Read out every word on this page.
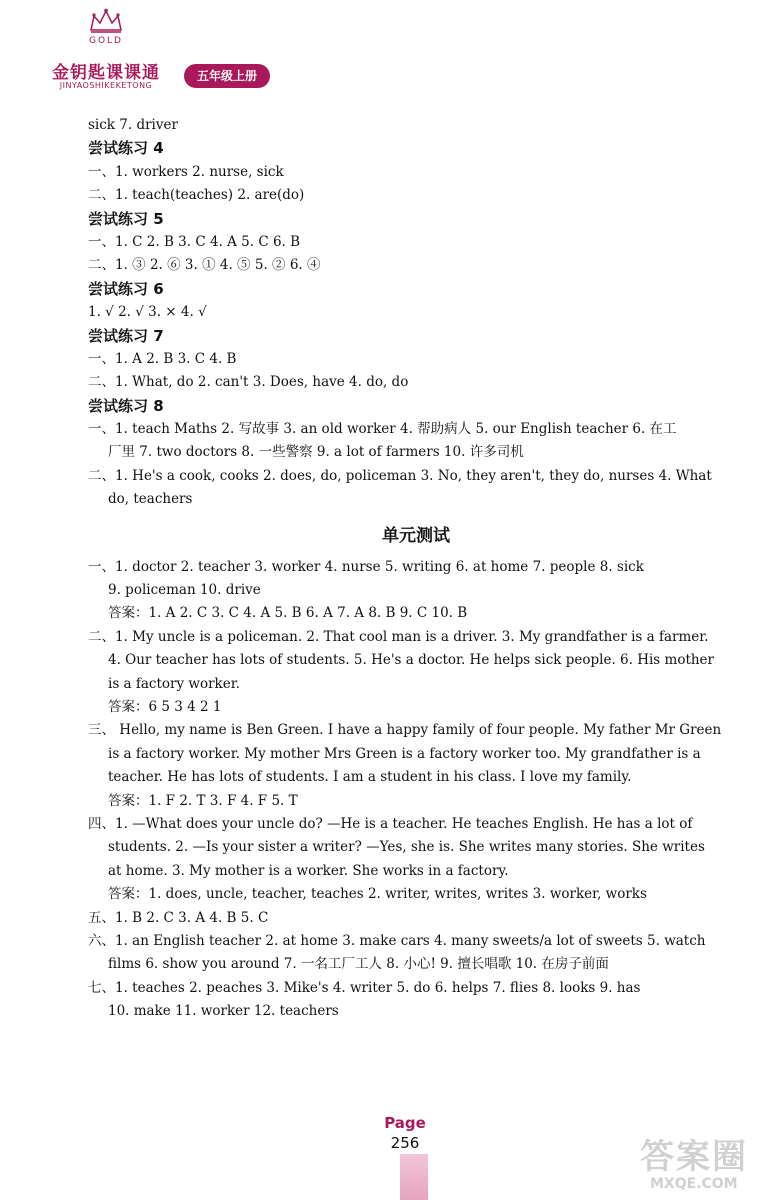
GOLD
金钥匙课课通
JINYAOSHIKEKETONG
五年级上册
sick 7. driver
尝试练习 4
一、1. workers 2. nurse, sick
二、1. teach(teaches) 2. are(do)
尝试练习 5
一、1. C 2. B 3. C 4. A 5. C 6. B
二、1. ③ 2. ⑥ 3. ① 4. ⑤ 5. ② 6. ④
尝试练习 6
1. √ 2. √ 3. × 4. √
尝试练习 7
一、1. A 2. B 3. C 4. B
二、1. What, do 2. can't 3. Does, have 4. do, do
尝试练习 8
一、1. teach Maths 2. 写故事 3. an old worker 4. 帮助病人 5. our English teacher 6. 在工
厂里 7. two doctors 8. 一些警察 9. a lot of farmers 10. 许多司机
二、1. He's a cook, cooks 2. does, do, policeman 3. No, they aren't, they do, nurses 4. What
do, teachers
单元测试
一、1. doctor 2. teacher 3. worker 4. nurse 5. writing 6. at home 7. people 8. sick
9. policeman 10. drive
答案：1. A 2. C 3. C 4. A 5. B 6. A 7. A 8. B 9. C 10. B
二、1. My uncle is a policeman. 2. That cool man is a driver. 3. My grandfather is a farmer.
4. Our teacher has lots of students. 5. He's a doctor. He helps sick people. 6. His mother
is a factory worker.
答案：6 5 3 4 2 1
三、 Hello, my name is Ben Green. I have a happy family of four people. My father Mr Green
is a factory worker. My mother Mrs Green is a factory worker too. My grandfather is a
teacher. He has lots of students. I am a student in his class. I love my family.
答案：1. F 2. T 3. F 4. F 5. T
四、1. —What does your uncle do? —He is a teacher. He teaches English. He has a lot of
students. 2. —Is your sister a writer? —Yes, she is. She writes many stories. She writes
at home. 3. My mother is a worker. She works in a factory.
答案：1. does, uncle, teacher, teaches 2. writer, writes, writes 3. worker, works
五、1. B 2. C 3. A 4. B 5. C
六、1. an English teacher 2. at home 3. make cars 4. many sweets/a lot of sweets 5. watch
films 6. show you around 7. 一名工厂工人 8. 小心! 9. 擅长唱歌 10. 在房子前面
七、1. teaches 2. peaches 3. Mike's 4. writer 5. do 6. helps 7. flies 8. looks 9. has
10. make 11. worker 12. teachers
Page
256	答案圈
MXQE.COM
